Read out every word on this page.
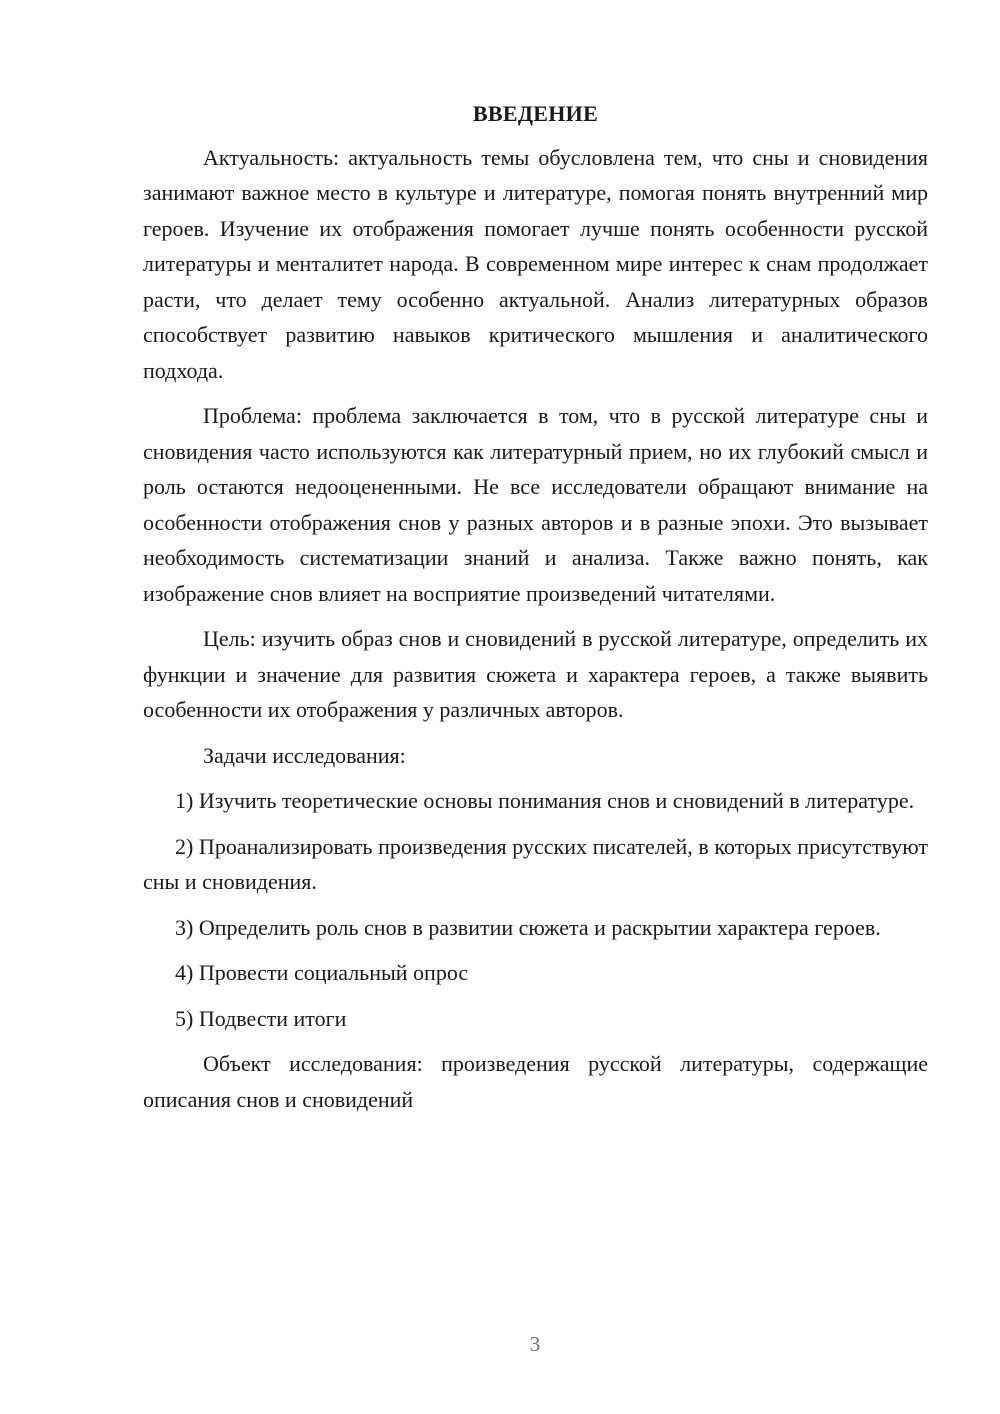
ВВЕДЕНИЕ

Актуальность: актуальность темы обусловлена тем, что сны и сновидения занимают важное место в культуре и литературе, помогая понять внутренний мир героев. Изучение их отображения помогает лучше понять особенности русской литературы и менталитет народа. В современном мире интерес к снам продолжает расти, что делает тему особенно актуальной. Анализ литературных образов способствует развитию навыков критического мышления и аналитического подхода.

Проблема: проблема заключается в том, что в русской литературе сны и сновидения часто используются как литературный прием, но их глубокий смысл и роль остаются недооцененными. Не все исследователи обращают внимание на особенности отображения снов у разных авторов и в разные эпохи. Это вызывает необходимость систематизации знаний и анализа. Также важно понять, как изображение снов влияет на восприятие произведений читателями.

Цель: изучить образ снов и сновидений в русской литературе, определить их функции и значение для развития сюжета и характера героев, а также выявить особенности их отображения у различных авторов.

Задачи исследования:

1) Изучить теоретические основы понимания снов и сновидений в литературе.

2) Проанализировать произведения русских писателей, в которых присутствуют сны и сновидения.

3) Определить роль снов в развитии сюжета и раскрытии характера героев.

4) Провести социальный опрос

5) Подвести итоги

Объект исследования: произведения русской литературы, содержащие описания снов и сновидений

3
